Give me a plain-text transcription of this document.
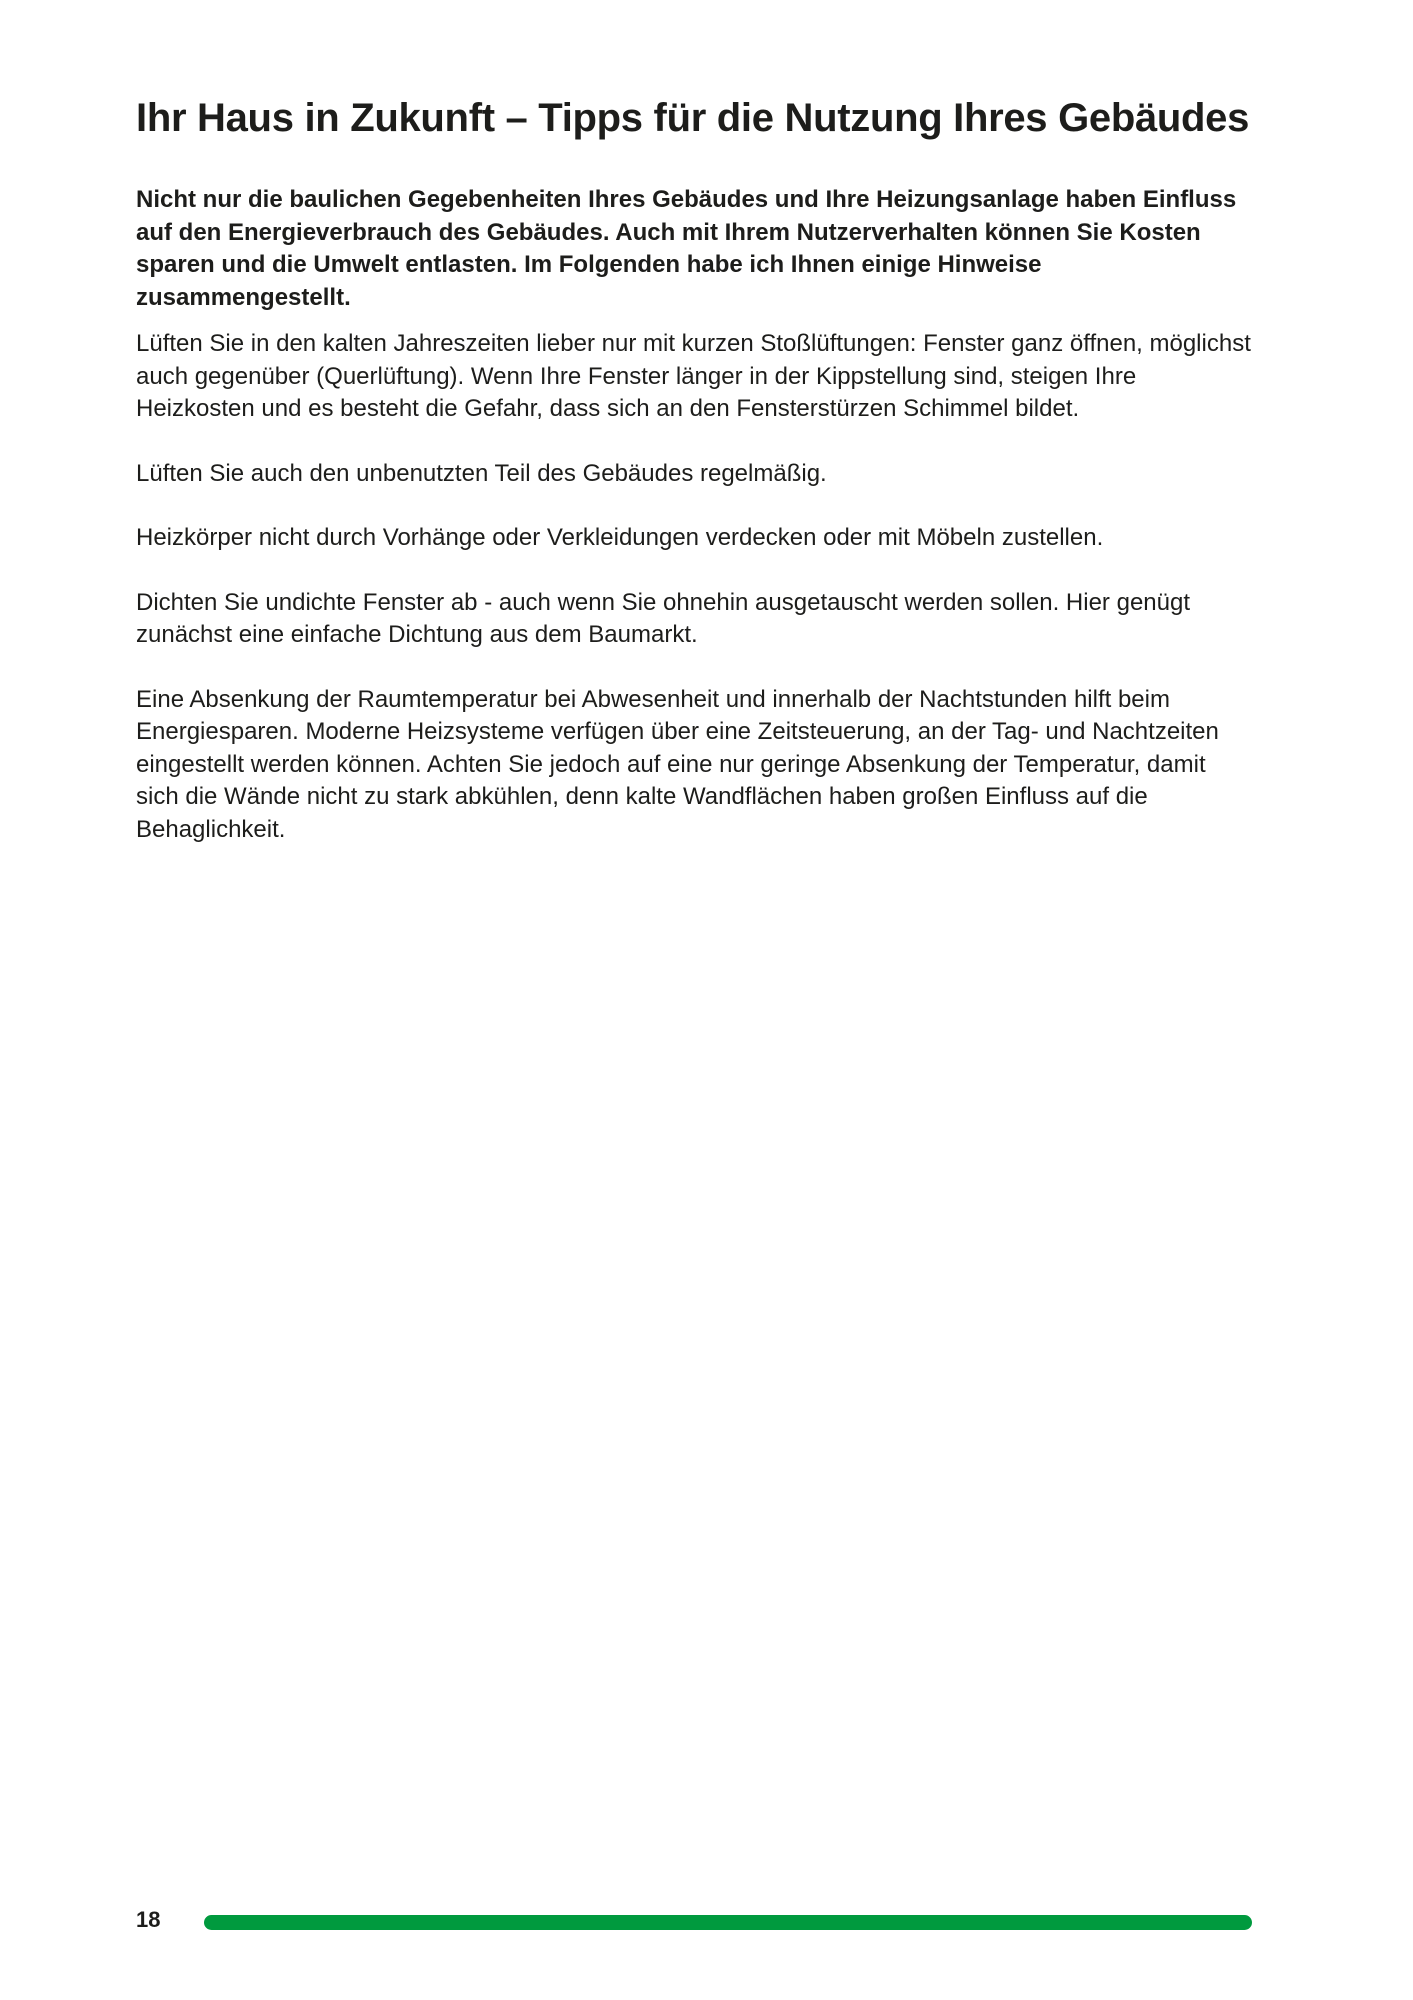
Ihr Haus in Zukunft – Tipps für die Nutzung Ihres Gebäudes

Nicht nur die baulichen Gegebenheiten Ihres Gebäudes und Ihre Heizungsanlage haben Einfluss auf den Energieverbrauch des Gebäudes. Auch mit Ihrem Nutzerverhalten können Sie Kosten sparen und die Umwelt entlasten. Im Folgenden habe ich Ihnen einige Hinweise zusammengestellt.

Lüften Sie in den kalten Jahreszeiten lieber nur mit kurzen Stoßlüftungen: Fenster ganz öffnen, möglichst auch gegenüber (Querlüftung). Wenn Ihre Fenster länger in der Kippstellung sind, steigen Ihre Heizkosten und es besteht die Gefahr, dass sich an den Fensterstürzen Schimmel bildet.

Lüften Sie auch den unbenutzten Teil des Gebäudes regelmäßig.

Heizkörper nicht durch Vorhänge oder Verkleidungen verdecken oder mit Möbeln zustellen.

Dichten Sie undichte Fenster ab - auch wenn Sie ohnehin ausgetauscht werden sollen. Hier genügt zunächst eine einfache Dichtung aus dem Baumarkt.

Eine Absenkung der Raumtemperatur bei Abwesenheit und innerhalb der Nachtstunden hilft beim Energiesparen. Moderne Heizsysteme verfügen über eine Zeitsteuerung, an der Tag- und Nachtzeiten eingestellt werden können. Achten Sie jedoch auf eine nur geringe Absenkung der Temperatur, damit sich die Wände nicht zu stark abkühlen, denn kalte Wandflächen haben großen Einfluss auf die Behaglichkeit.

18
